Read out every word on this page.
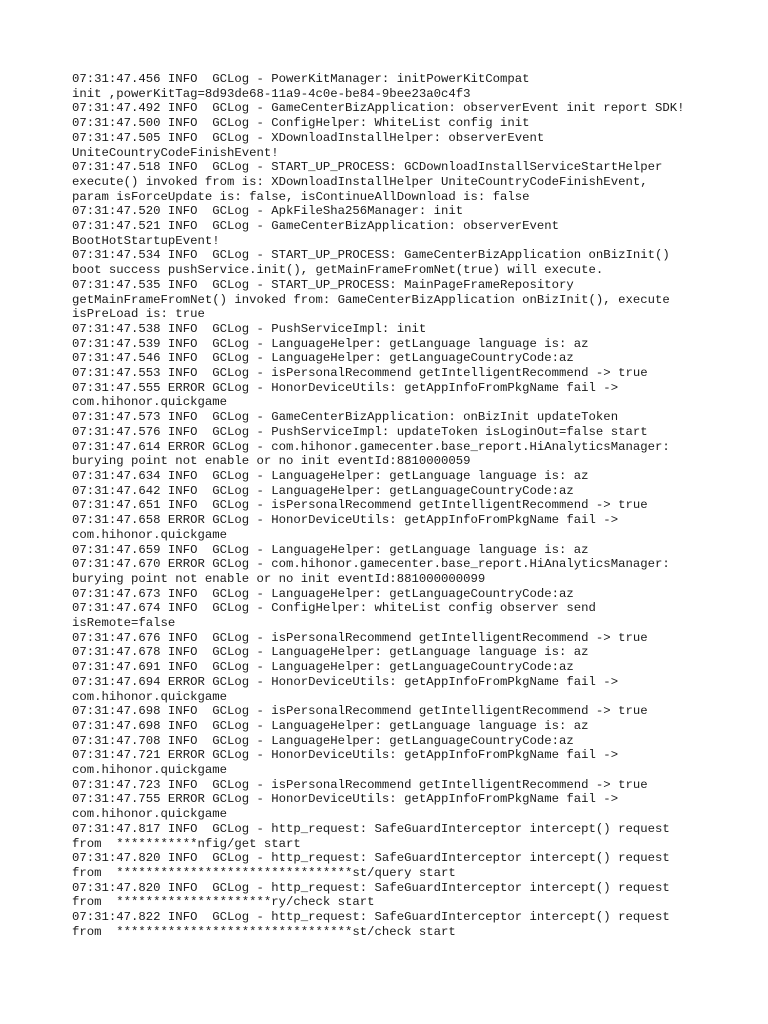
07:31:47.456 INFO  GCLog - PowerKitManager: initPowerKitCompat
init ,powerKitTag=8d93de68-11a9-4c0e-be84-9bee23a0c4f3
07:31:47.492 INFO  GCLog - GameCenterBizApplication: observerEvent init report SDK!
07:31:47.500 INFO  GCLog - ConfigHelper: WhiteList config init
07:31:47.505 INFO  GCLog - XDownloadInstallHelper: observerEvent
UniteCountryCodeFinishEvent!
07:31:47.518 INFO  GCLog - START_UP_PROCESS: GCDownloadInstallServiceStartHelper
execute() invoked from is: XDownloadInstallHelper UniteCountryCodeFinishEvent,
param isForceUpdate is: false, isContinueAllDownload is: false
07:31:47.520 INFO  GCLog - ApkFileSha256Manager: init
07:31:47.521 INFO  GCLog - GameCenterBizApplication: observerEvent
BootHotStartupEvent!
07:31:47.534 INFO  GCLog - START_UP_PROCESS: GameCenterBizApplication onBizInit()
boot success pushService.init(), getMainFrameFromNet(true) will execute.
07:31:47.535 INFO  GCLog - START_UP_PROCESS: MainPageFrameRepository
getMainFrameFromNet() invoked from: GameCenterBizApplication onBizInit(), execute
isPreLoad is: true
07:31:47.538 INFO  GCLog - PushServiceImpl: init
07:31:47.539 INFO  GCLog - LanguageHelper: getLanguage language is: az
07:31:47.546 INFO  GCLog - LanguageHelper: getLanguageCountryCode:az
07:31:47.553 INFO  GCLog - isPersonalRecommend getIntelligentRecommend -> true
07:31:47.555 ERROR GCLog - HonorDeviceUtils: getAppInfoFromPkgName fail ->
com.hihonor.quickgame
07:31:47.573 INFO  GCLog - GameCenterBizApplication: onBizInit updateToken
07:31:47.576 INFO  GCLog - PushServiceImpl: updateToken isLoginOut=false start
07:31:47.614 ERROR GCLog - com.hihonor.gamecenter.base_report.HiAnalyticsManager:
burying point not enable or no init eventId:8810000059
07:31:47.634 INFO  GCLog - LanguageHelper: getLanguage language is: az
07:31:47.642 INFO  GCLog - LanguageHelper: getLanguageCountryCode:az
07:31:47.651 INFO  GCLog - isPersonalRecommend getIntelligentRecommend -> true
07:31:47.658 ERROR GCLog - HonorDeviceUtils: getAppInfoFromPkgName fail ->
com.hihonor.quickgame
07:31:47.659 INFO  GCLog - LanguageHelper: getLanguage language is: az
07:31:47.670 ERROR GCLog - com.hihonor.gamecenter.base_report.HiAnalyticsManager:
burying point not enable or no init eventId:881000000099
07:31:47.673 INFO  GCLog - LanguageHelper: getLanguageCountryCode:az
07:31:47.674 INFO  GCLog - ConfigHelper: whiteList config observer send
isRemote=false
07:31:47.676 INFO  GCLog - isPersonalRecommend getIntelligentRecommend -> true
07:31:47.678 INFO  GCLog - LanguageHelper: getLanguage language is: az
07:31:47.691 INFO  GCLog - LanguageHelper: getLanguageCountryCode:az
07:31:47.694 ERROR GCLog - HonorDeviceUtils: getAppInfoFromPkgName fail ->
com.hihonor.quickgame
07:31:47.698 INFO  GCLog - isPersonalRecommend getIntelligentRecommend -> true
07:31:47.698 INFO  GCLog - LanguageHelper: getLanguage language is: az
07:31:47.708 INFO  GCLog - LanguageHelper: getLanguageCountryCode:az
07:31:47.721 ERROR GCLog - HonorDeviceUtils: getAppInfoFromPkgName fail ->
com.hihonor.quickgame
07:31:47.723 INFO  GCLog - isPersonalRecommend getIntelligentRecommend -> true
07:31:47.755 ERROR GCLog - HonorDeviceUtils: getAppInfoFromPkgName fail ->
com.hihonor.quickgame
07:31:47.817 INFO  GCLog - http_request: SafeGuardInterceptor intercept() request
from  ***********nfig/get start
07:31:47.820 INFO  GCLog - http_request: SafeGuardInterceptor intercept() request
from  ********************************st/query start
07:31:47.820 INFO  GCLog - http_request: SafeGuardInterceptor intercept() request
from  *********************ry/check start
07:31:47.822 INFO  GCLog - http_request: SafeGuardInterceptor intercept() request
from  ********************************st/check start
